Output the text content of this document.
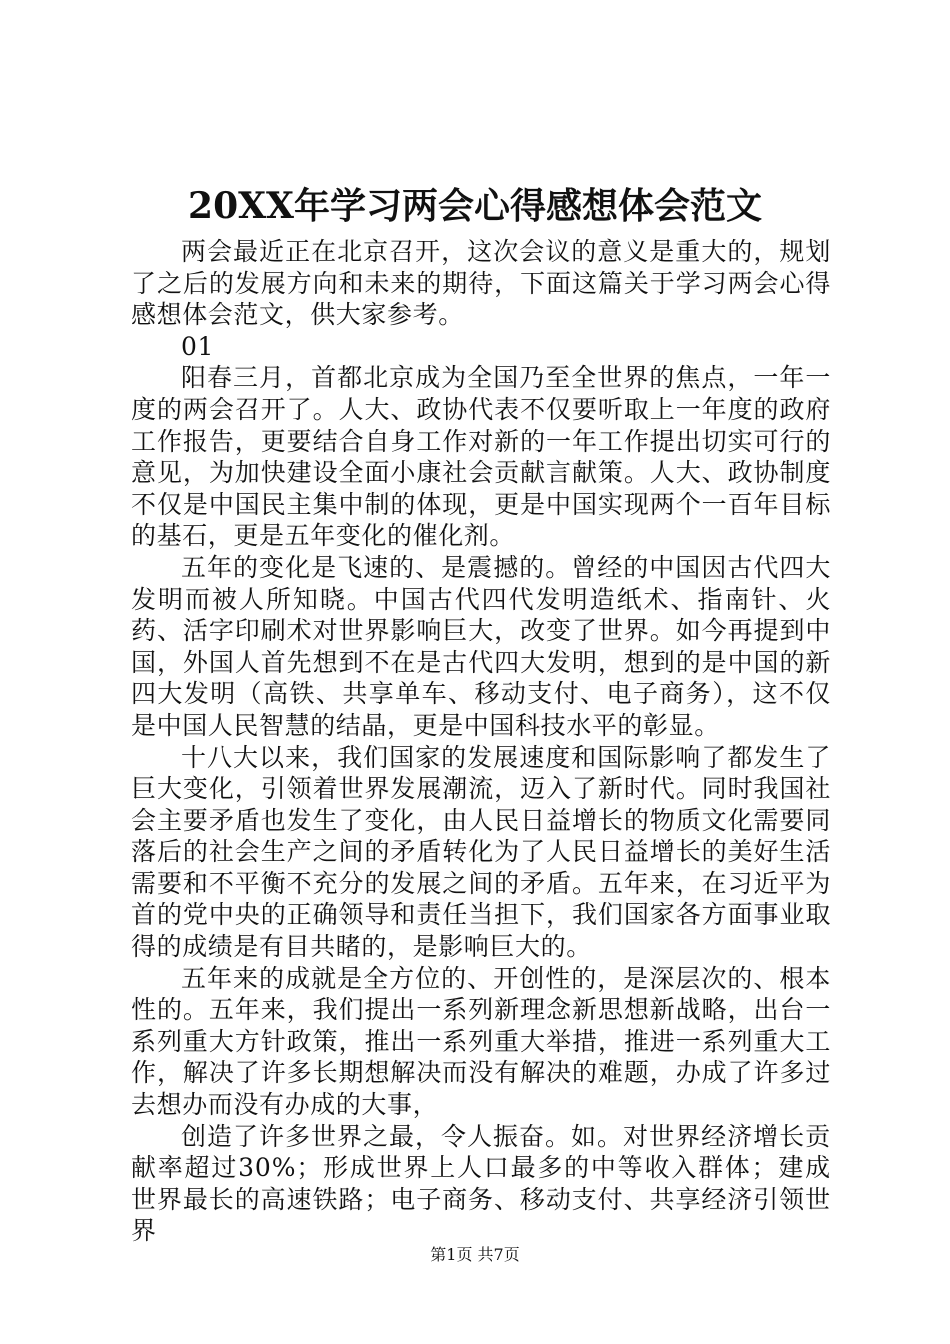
20XX年学习两会心得感想体会范文

两会最近正在北京召开，这次会议的意义是重大的，规划了之后的发展方向和未来的期待，下面这篇关于学习两会心得感想体会范文，供大家参考。

01

阳春三月，首都北京成为全国乃至全世界的焦点，一年一度的两会召开了。人大、政协代表不仅要听取上一年度的政府工作报告，更要结合自身工作对新的一年工作提出切实可行的意见，为加快建设全面小康社会贡献言献策。人大、政协制度不仅是中国民主集中制的体现，更是中国实现两个一百年目标的基石，更是五年变化的催化剂。

五年的变化是飞速的、是震撼的。曾经的中国因古代四大发明而被人所知晓。中国古代四代发明造纸术、指南针、火药、活字印刷术对世界影响巨大，改变了世界。如今再提到中国，外国人首先想到不在是古代四大发明，想到的是中国的新四大发明（高铁、共享单车、移动支付、电子商务），这不仅是中国人民智慧的结晶，更是中国科技水平的彰显。

十八大以来，我们国家的发展速度和国际影响了都发生了巨大变化，引领着世界发展潮流，迈入了新时代。同时我国社会主要矛盾也发生了变化，由人民日益增长的物质文化需要同落后的社会生产之间的矛盾转化为了人民日益增长的美好生活需要和不平衡不充分的发展之间的矛盾。五年来，在习近平为首的党中央的正确领导和责任当担下，我们国家各方面事业取得的成绩是有目共睹的，是影响巨大的。

五年来的成就是全方位的、开创性的，是深层次的、根本性的。五年来，我们提出一系列新理念新思想新战略，出台一系列重大方针政策，推出一系列重大举措，推进一系列重大工作，解决了许多长期想解决而没有解决的难题，办成了许多过去想办而没有办成的大事，

创造了许多世界之最，令人振奋。如。对世界经济增长贡献率超过30%；形成世界上人口最多的中等收入群体；建成世界最长的高速铁路；电子商务、移动支付、共享经济引领世界

第1页 共7页
